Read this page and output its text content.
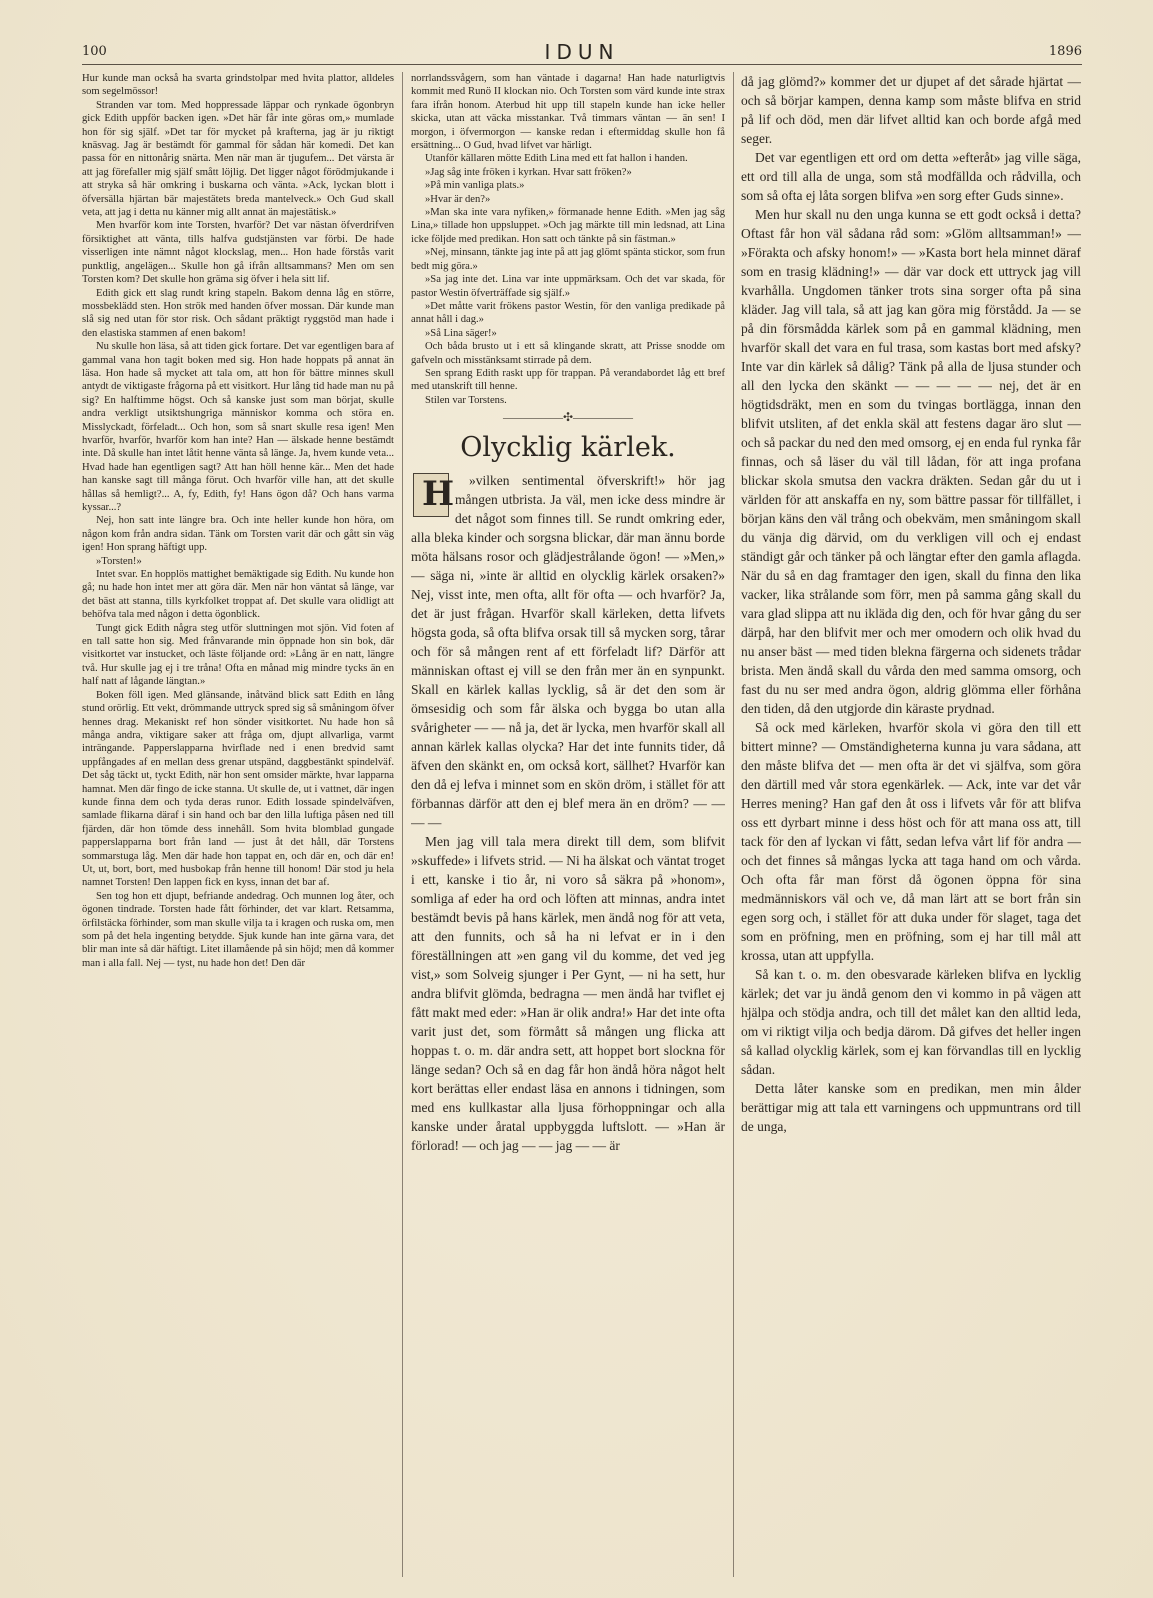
100	IDUN	1896

Hur kunde man också ha svarta grindstolpar med hvita plattor, alldeles som segelmössor!

Stranden var tom. Med hoppressade läppar och rynkade ögonbryn gick Edith uppför backen igen. »Det här får inte göras om,» mumlade hon för sig själf. »Det tar för mycket på krafterna, jag är ju riktigt knäsvag. Jag är bestämdt för gammal för sådan här komedi. Det kan passa för en nittonårig snärta. Men när man är tjugufem... Det värsta är att jag förefaller mig själf smått löjlig. Det ligger något förödmjukande i att stryka så här omkring i buskarna och vänta. »Ack, lyckan blott i öfversälla hjärtan bär majestätets breda mantelveck.» Och Gud skall veta, att jag i detta nu känner mig allt annat än majestätisk.»

Men hvarför kom inte Torsten, hvarför? Det var nästan öfverdrifven försiktighet att vänta, tills halfva gudstjänsten var förbi. De hade visserligen inte nämnt något klockslag, men... Hon hade förstås varit punktlig, angelägen... Skulle hon gå ifrån alltsammans? Men om sen Torsten kom? Det skulle hon gräma sig öfver i hela sitt lif.

Edith gick ett slag rundt kring stapeln. Bakom denna låg en större, mossbeklädd sten. Hon strök med handen öfver mossan. Där kunde man slå sig ned utan för stor risk. Och sådant präktigt ryggstöd man hade i den elastiska stammen af enen bakom!

Nu skulle hon läsa, så att tiden gick fortare. Det var egentligen bara af gammal vana hon tagit boken med sig. Hon hade hoppats på annat än läsa. Hon hade så mycket att tala om, att hon för bättre minnes skull antydt de viktigaste frågorna på ett visitkort. Hur lång tid hade man nu på sig? En halftimme högst. Och så kanske just som man börjat, skulle andra verkligt utsiktshungriga människor komma och störa en. Misslyckadt, förfeladt... Och hon, som så snart skulle resa igen! Men hvarför, hvarför, hvarför kom han inte? Han — älskade henne bestämdt inte. Då skulle han intet låtit henne vänta så länge. Ja, hvem kunde veta... Hvad hade han egentligen sagt? Att han höll henne kär... Men det hade han kanske sagt till många förut. Och hvarför ville han, att det skulle hållas så hemligt?... A, fy, Edith, fy! Hans ögon då? Och hans varma kyssar...?

Nej, hon satt inte längre bra. Och inte heller kunde hon höra, om någon kom från andra sidan. Tänk om Torsten varit där och gått sin väg igen! Hon sprang häftigt upp.

»Torsten!»

Intet svar. En hopplös mattighet bemäktigade sig Edith. Nu kunde hon gå; nu hade hon intet mer att göra där. Men när hon väntat så länge, var det bäst att stanna, tills kyrkfolket troppat af. Det skulle vara olidligt att behöfva tala med någon i detta ögonblick.

Tungt gick Edith några steg utför sluttningen mot sjön. Vid foten af en tall satte hon sig. Med frånvarande min öppnade hon sin bok, där visitkortet var instucket, och läste följande ord: »Lång är en natt, längre två. Hur skulle jag ej i tre tråna! Ofta en månad mig mindre tycks än en half natt af lågande längtan.»

Boken föll igen. Med glänsande, inåtvänd blick satt Edith en lång stund orörlig. Ett vekt, drömmande uttryck spred sig så småningom öfver hennes drag. Mekaniskt ref hon sönder visitkortet. Nu hade hon så många andra, viktigare saker att fråga om, djupt allvarliga, varmt inträngande. Papperslapparna hvirflade ned i enen bredvid samt uppfångades af en mellan dess grenar utspänd, daggbestänkt spindelväf. Det såg täckt ut, tyckt Edith, när hon sent omsider märkte, hvar lapparna hamnat. Men där fingo de icke stanna. Ut skulle de, ut i vattnet, där ingen kunde finna dem och tyda deras runor. Edith lossade spindelväfven, samlade flikarna däraf i sin hand och bar den lilla luftiga påsen ned till fjärden, där hon tömde dess innehåll. Som hvita blomblad gungade papperslapparna bort från land — just åt det håll, där Torstens sommarstuga låg. Men där hade hon tappat en, och där en, och där en! Ut, ut, bort, bort, med husbokap från henne till honom! Där stod ju hela namnet Torsten! Den lappen fick en kyss, innan det bar af.

Sen tog hon ett djupt, befriande andedrag. Och munnen log åter, och ögonen tindrade. Torsten hade fått förhinder, det var klart. Retsamma, örfilstäcka förhinder, som man skulle vilja ta i kragen och ruska om, men som på det hela ingenting betydde. Sjuk kunde han inte gärna vara, det blir man inte så där häftigt. Litet illamående på sin höjd; men då kommer man i alla fall. Nej — tyst, nu hade hon det! Den där

norrlandssvågern, som han väntade i dagarna! Han hade naturligtvis kommit med Runö II klockan nio. Och Torsten som värd kunde inte strax fara ifrån honom. Aterbud hit upp till stapeln kunde han icke heller skicka, utan att väcka misstankar. Två timmars väntan — än sen! I morgon, i öfvermorgon — kanske redan i eftermiddag skulle hon få ersättning... O Gud, hvad lifvet var härligt.

Utanför källaren mötte Edith Lina med ett fat hallon i handen.

»Jag såg inte fröken i kyrkan. Hvar satt fröken?»

»På min vanliga plats.»

»Hvar är den?»

»Man ska inte vara nyfiken,» förmanade henne Edith. »Men jag såg Lina,» tillade hon uppsluppet. »Och jag märkte till min ledsnad, att Lina icke följde med predikan. Hon satt och tänkte på sin fästman.»

»Nej, minsann, tänkte jag inte på att jag glömt spänta stickor, som frun bedt mig göra.»

»Sa jag inte det. Lina var inte uppmärksam. Och det var skada, för pastor Westin öfverträffade sig själf.»

»Det måtte varit frökens pastor Westin, för den vanliga predikade på annat håll i dag.»

»Så Lina säger!»

Och båda brusto ut i ett så klingande skratt, att Prisse snodde om gafveln och misstänksamt stirrade på dem.

Sen sprang Edith raskt upp för trappan. På verandabordet låg ett bref med utanskrift till henne.

Stilen var Torstens.

—————✣—————
Olycklig kärlek.

H »vilken sentimental öfverskrift!» hör jag mången utbrista. Ja väl, men icke dess mindre är det något som finnes till. Se rundt omkring eder, alla bleka kinder och sorgsna blickar, där man ännu borde möta hälsans rosor och glädjestrålande ögon! — »Men,» — säga ni, »inte är alltid en olycklig kärlek orsaken?» Nej, visst inte, men ofta, allt för ofta — och hvarför? Ja, det är just frågan. Hvarför skall kärleken, detta lifvets högsta goda, så ofta blifva orsak till så mycken sorg, tårar och för så mången rent af ett förfeladt lif? Därför att människan oftast ej vill se den från mer än en synpunkt. Skall en kärlek kallas lycklig, så är det den som är ömsesidig och som får älska och bygga bo utan alla svårigheter — — nå ja, det är lycka, men hvarför skall all annan kärlek kallas olycka? Har det inte funnits tider, då äfven den skänkt en, om också kort, sällhet? Hvarför kan den då ej lefva i minnet som en skön dröm, i stället för att förbannas därför att den ej blef mera än en dröm? — — — —

Men jag vill tala mera direkt till dem, som blifvit »skuffede» i lifvets strid. — Ni ha älskat och väntat troget i ett, kanske i tio år, ni voro så säkra på »honom», somliga af eder ha ord och löften att minnas, andra intet bestämdt bevis på hans kärlek, men ändå nog för att veta, att den funnits, och så ha ni lefvat er in i den föreställningen att »en gang vil du komme, det ved jeg vist,» som Solveig sjunger i Per Gynt, — ni ha sett, hur andra blifvit glömda, bedragna — men ändå har tviflet ej fått makt med eder: »Han är olik andra!» Har det inte ofta varit just det, som förmått så mången ung flicka att hoppas t. o. m. där andra sett, att hoppet bort slockna för länge sedan? Och så en dag får hon ändå höra något helt kort berättas eller endast läsa en annons i tidningen, som med ens kullkastar alla ljusa förhoppningar och alla kanske under åratal uppbyggda luftslott. — »Han är förlorad! — och jag — — jag — — är

då jag glömd?» kommer det ur djupet af det sårade hjärtat — och så börjar kampen, denna kamp som måste blifva en strid på lif och död, men där lifvet alltid kan och borde afgå med seger.

Det var egentligen ett ord om detta »efteråt» jag ville säga, ett ord till alla de unga, som stå modfällda och rådvilla, och som så ofta ej låta sorgen blifva »en sorg efter Guds sinne».

Men hur skall nu den unga kunna se ett godt också i detta? Oftast får hon väl sådana råd som: »Glöm alltsamman!» — »Förakta och afsky honom!» — »Kasta bort hela minnet däraf som en trasig klädning!» — där var dock ett uttryck jag vill kvarhålla. Ungdomen tänker trots sina sorger ofta på sina kläder. Jag vill tala, så att jag kan göra mig förstådd. Ja — se på din försmådda kärlek som på en gammal klädning, men hvarför skall det vara en ful trasa, som kastas bort med afsky? Inte var din kärlek så dålig? Tänk på alla de ljusa stunder och all den lycka den skänkt — — — — — nej, det är en högtidsdräkt, men en som du tvingas bortlägga, innan den blifvit utsliten, af det enkla skäl att festens dagar äro slut — och så packar du ned den med omsorg, ej en enda ful rynka får finnas, och så läser du väl till lådan, för att inga profana blickar skola smutsa den vackra dräkten. Sedan går du ut i världen för att anskaffa en ny, som bättre passar för tillfället, i början käns den väl trång och obekväm, men småningom skall du vänja dig därvid, om du verkligen vill och ej endast ständigt går och tänker på och längtar efter den gamla aflagda. När du så en dag framtager den igen, skall du finna den lika vacker, lika strålande som förr, men på samma gång skall du vara glad slippa att nu ikläda dig den, och för hvar gång du ser därpå, har den blifvit mer och mer omodern och olik hvad du nu anser bäst — med tiden blekna färgerna och sidenets trådar brista. Men ändå skall du vårda den med samma omsorg, och fast du nu ser med andra ögon, aldrig glömma eller förhåna den tiden, då den utgjorde din käraste prydnad.

Så ock med kärleken, hvarför skola vi göra den till ett bittert minne? — Omständigheterna kunna ju vara sådana, att den måste blifva det — men ofta är det vi själfva, som göra den därtill med vår stora egenkärlek. — Ack, inte var det vår Herres mening? Han gaf den åt oss i lifvets vår för att blifva oss ett dyrbart minne i dess höst och för att mana oss att, till tack för den af lyckan vi fått, sedan lefva vårt lif för andra — och det finnes så mångas lycka att taga hand om och vårda. Och ofta får man först då ögonen öppna för sina medmänniskors väl och ve, då man lärt att se bort från sin egen sorg och, i stället för att duka under för slaget, taga det som en pröfning, men en pröfning, som ej har till mål att krossa, utan att uppfylla.

Så kan t. o. m. den obesvarade kärleken blifva en lycklig kärlek; det var ju ändå genom den vi kommo in på vägen att hjälpa och stödja andra, och till det målet kan den alltid leda, om vi riktigt vilja och bedja därom. Då gifves det heller ingen så kallad olycklig kärlek, som ej kan förvandlas till en lycklig sådan.

Detta låter kanske som en predikan, men min ålder berättigar mig att tala ett varningens och uppmuntrans ord till de unga,
